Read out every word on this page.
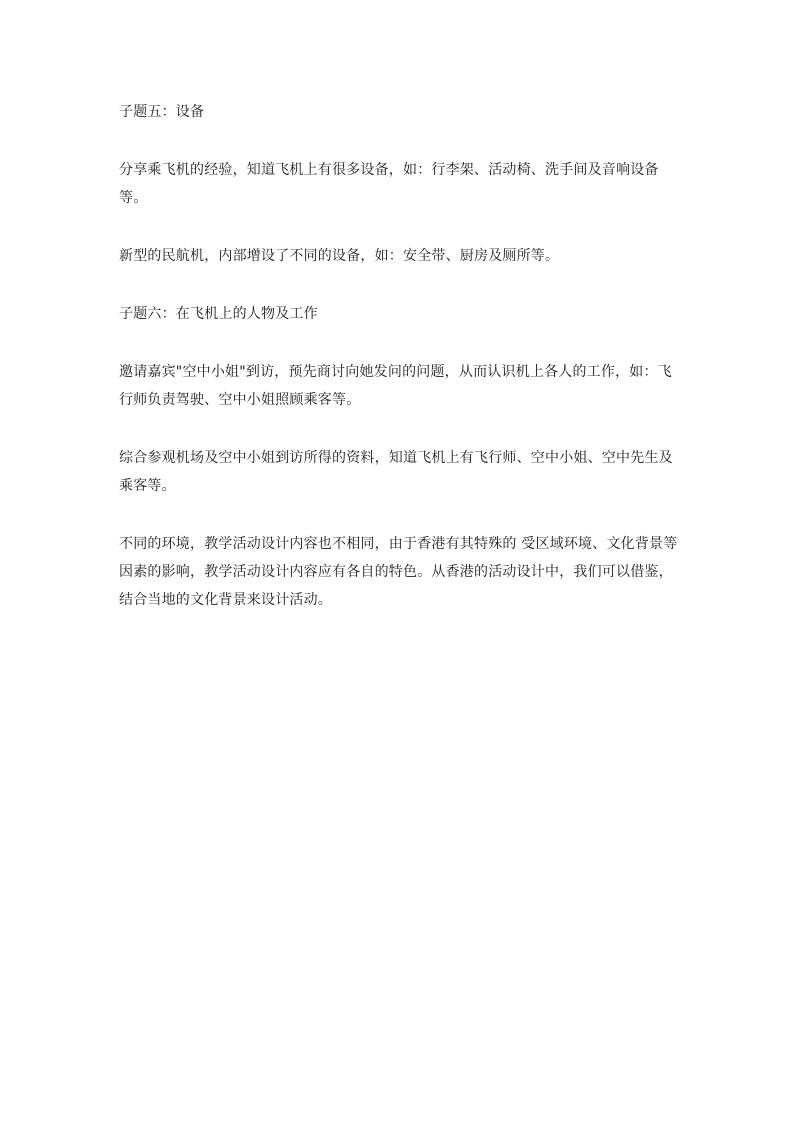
子题五：设备

分享乘飞机的经验，知道飞机上有很多设备，如：行李架、活动椅、洗手间及音响设备等。

新型的民航机，内部增设了不同的设备，如：安全带、厨房及厕所等。

子题六：在飞机上的人物及工作

邀请嘉宾"空中小姐"到访，预先商讨向她发问的问题，从而认识机上各人的工作，如：飞行师负责驾驶、空中小姐照顾乘客等。

综合参观机场及空中小姐到访所得的资料，知道飞机上有飞行师、空中小姐、空中先生及乘客等。

不同的环境，教学活动设计内容也不相同，由于香港有其特殊的 受区域环境、文化背景等因素的影响，教学活动设计内容应有各自的特色。从香港的活动设计中，我们可以借鉴，结合当地的文化背景来设计活动。
